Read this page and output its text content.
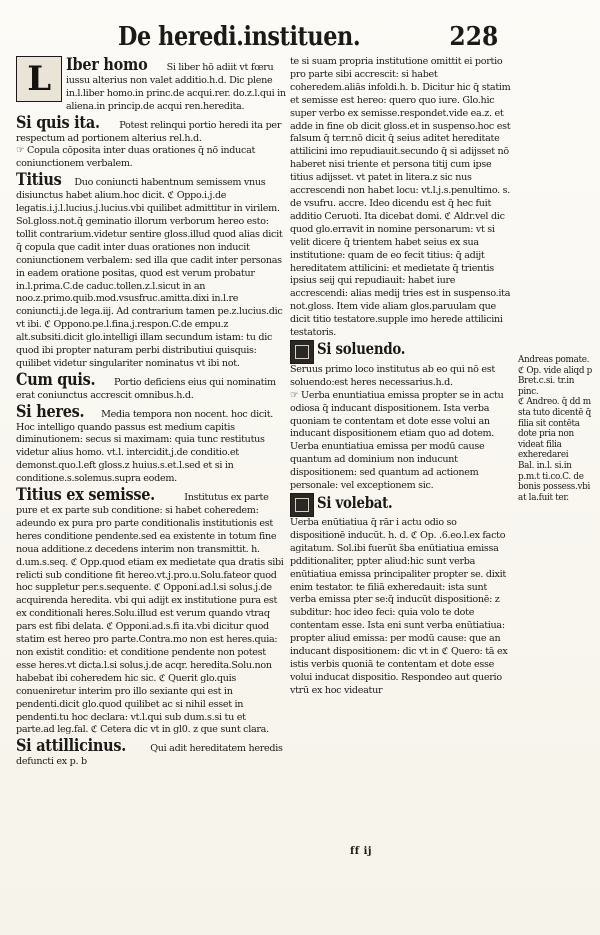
De heredi.instituen.	228
L Iber homo Si liber hō adiit vt fœru iussu alterius non valet additio.h.d. Dic plene in.l.liber homo.in princ.de acqui.rer. do.z.l.qui in aliena.in princip.de acqui ren.heredita.
Si quis ita. Potest relinqui portio heredi ita per respectum ad portionem alterius rel.h.d.
☞ Copula cōposita inter duas orationes q̄ nō inducat coniunctionem verbalem.
Titius Duo coniuncti habentnum semissem vnus disiunctus habet alium.hoc dicit. ℭ Oppo.i.j.de legatis.i.j.l.lucius.j.lucius.vbi quilibet admittitur in virilem. Sol.gloss.not.q̄ geminatio illorum verborum hereo esto: tollit contrarium.videtur sentire gloss.illud quod alias dicit q̄ copula que cadit inter duas orationes non inducit coniunctionem verbalem: sed illa que cadit inter personas in eadem oratione positas, quod est verum probatur in.l.prima.C.de caduc.tollen.z.l.sicut in an noo.z.primo.quib.mod.vsusfruc.amitta.dixi in.l.re coniuncti.j.de lega.iij. Ad contrarium tamen pe.z.lucius.dic vt ibi. ℭ Oppono.pe.l.fina.j.respon.C.de empu.z alt.subsiti.dicit glo.intelligi illam secundum istam: tu dic quod ibi propter naturam perbi distributiui quisquis: quilibet videtur singulariter nominatus vt ibi not.
Cum quis. Portio deficiens eius qui nominatim erat coniunctus accrescit omnibus.h.d.
Si heres. Media tempora non nocent. hoc dicit. Hoc intelligo quando passus est medium capitis diminutionem: secus si maximam: quia tunc restitutus videtur alius homo. vt.l. intercidit.j.de conditio.et demonst.quo.l.eft gloss.z huius.s.et.l.sed et si in conditione.s.solemus.supra eodem.
Titius ex semisse.	Institutus ex parte pure et ex parte sub conditione: si habet coheredem: adeundo ex pura pro parte conditionalis institutionis est heres conditione pendente.sed ea existente in totum fine noua additione.z decedens interim non transmittit. h. d.um.s.seq. ℭ Opp.quod etiam ex medietate qua dratis sibi relicti sub conditione fit hereo.vt.j.pro.u.Solu.fateor quod hoc suppletur per.s.sequente. ℭ Opponi.ad.l.si solus.j.de acquirenda heredita. vbi qui adijt ex institutione pura est ex conditionali heres.Solu.illud est verum quando vtraq pars est fibi delata. ℭ Opponi.ad.s.fi ita.vbi dicitur quod statim est hereo pro parte.Contra.mo non est heres.quia: non existit conditio: et conditione pendente non potest esse heres.vt dicta.l.si solus.j.de acqr. heredita.Solu.non habebat ibi coheredem hic sic. ℭ Querit glo.quis conueniretur interim pro illo sexiante qui est in pendenti.dicit glo.quod quilibet ac si nihil esset in pendenti.tu hoc declara: vt.l.qui sub dum.s.si tu et parte.ad leg.fal. ℭ Cetera dic vt in gl0. z que sunt clara.
Si attillicinus.	Qui adit hereditatem heredis defuncti ex p. b
te si suam propria institutione omittit ei portio pro parte sibi accrescit: si habet coheredem.aliās infoldi.h. b. Dicitur hic q̄ statim et semisse est hereo: quero quo iure. Glo.hic super verbo ex semisse.respondet.vide ea.z. et adde in fine ob dicit gloss.et in suspenso.hoc est falsum q̄ terr.nō dicit q̄ seius aditet hereditate attilicini imo repudiauit.secundo q̄ si adijsset nō haberet nisi triente et persona titij cum ipse titius adijsset. vt patet in litera.z sic nus accrescendi non habet locu: vt.l.j.s.penultimo. s. de vsufru. accre. Ideo dicendu est q̄ hec fuit additio Ceruoti. Ita dicebat domi. ℭ Aldr.vel dic quod glo.erravit in nomine personarum: vt si velit dicere q̄ trientem habet seius ex sua institutione: quam de eo fecit titius: q̄ adijt hereditatem attilicini: et medietate q̄ trientis ipsius seij qui repudiauit: habet iure accrescendi: alias medij tries est in suspenso.ita not.gloss. Item vide aliam glos.paruulam que dicit titio testatore.supple imo herede attilicini testatoris.
Si soluendo.
Seruus primo loco institutus ab eo qui nō est soluendo:est heres necessarius.h.d.
☞ Uerba enuntiatiua emissa propter se in actu odiosa q̄ inducant dispositionem. Ista verba quoniam te contentam et dote esse volui an inducant dispositionem etiam quo ad dotem. Uerba enuntiatiua emissa per modū cause quantum ad dominium non inducunt dispositionem: sed quantum ad actionem personale: vel exceptionem sic.
Si volebat.
Uerba enūtiatiua q̄ rār i actu odio so dispositionē inducūt. h. d. ℭ Op. .6.eo.l.ex facto agitatum. Sol.ibi fuerūt s̄ba enūtiatiua emissa pdditionaliter, ppter aliud:hic sunt verba enūtiatiua emissa principaliter propter se. dixit enim testator. te filiā exheredauit: ista sunt verba emissa pter se:q̄ inducūt dispositionē: z subditur: hoc ideo feci: quia volo te dote contentam esse. Ista eni sunt verba enūtiatiua: propter aliud emissa: per modū cause: que an inducant dispositionem: dic vt in ℭ Quero: tā ex istis verbis quoniā te contentam et dote esse volui inducat dispositio. Respondeo aut querio vtrū ex hoc videatur
Andreas pomate.
ℭ Op. vide aliqd p Bret.c.si. tr.in pinc.
ℭ Andreo. q̄ dd m sta tuto dicentē q̄ filia sit contēta dote pria non videat filia exheredarei
Bal. in.l. si.in p.m.t ti.co.C. de bonis possess.vbi at la.fuit ter.
ff ij
